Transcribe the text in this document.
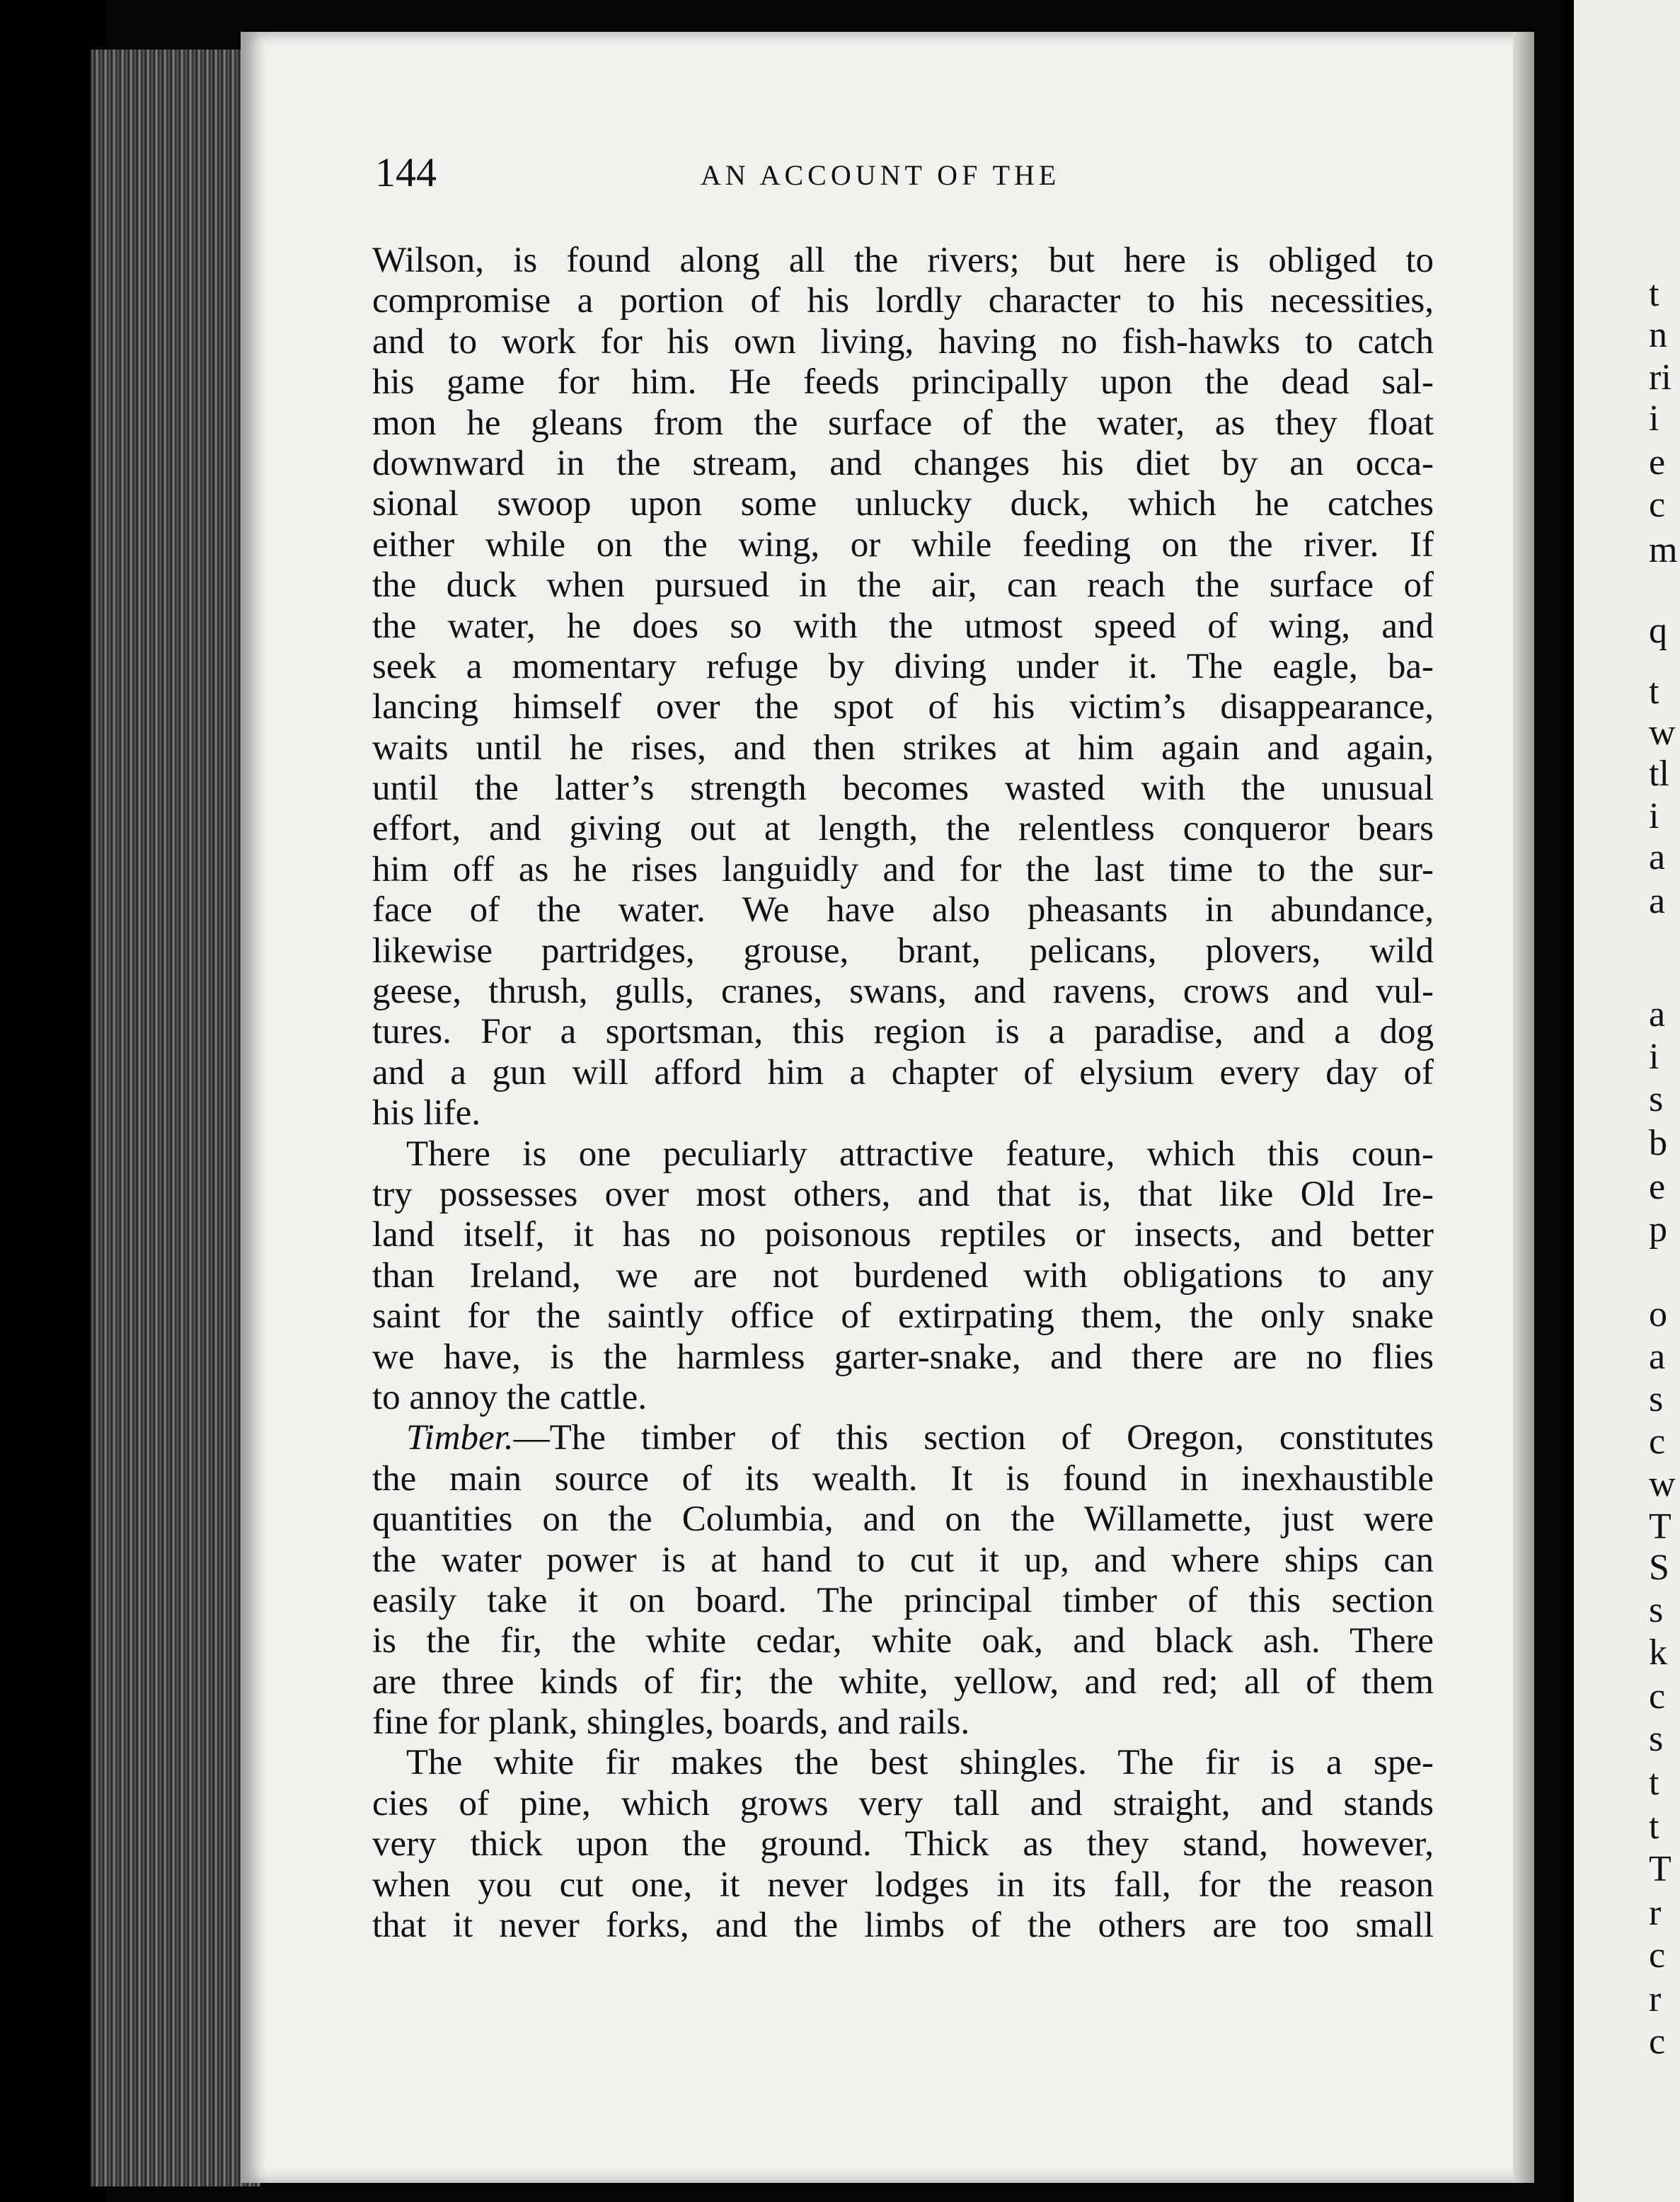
t
n
ri
i
e
c
m
q
t
w
tl
i
a
a
a
i
s
b
e
p
o
a
s
c
w
T
S
s
k
c
s
t
t
T
r
c
r
c
144	AN ACCOUNT OF THE
Wilson, is found along all the rivers; but here is obliged to
compromise a portion of his lordly character to his necessities,
and to work for his own living, having no fish-hawks to catch
his game for him. He feeds principally upon the dead sal-
mon he gleans from the surface of the water, as they float
downward in the stream, and changes his diet by an occa-
sional swoop upon some unlucky duck, which he catches
either while on the wing, or while feeding on the river. If
the duck when pursued in the air, can reach the surface of
the water, he does so with the utmost speed of wing, and
seek a momentary refuge by diving under it. The eagle, ba-
lancing himself over the spot of his victim’s disappearance,
waits until he rises, and then strikes at him again and again,
until the latter’s strength becomes wasted with the unusual
effort, and giving out at length, the relentless conqueror bears
him off as he rises languidly and for the last time to the sur-
face of the water. We have also pheasants in abundance,
likewise partridges, grouse, brant, pelicans, plovers, wild
geese, thrush, gulls, cranes, swans, and ravens, crows and vul-
tures. For a sportsman, this region is a paradise, and a dog
and a gun will afford him a chapter of elysium every day of
his life.
There is one peculiarly attractive feature, which this coun-
try possesses over most others, and that is, that like Old Ire-
land itself, it has no poisonous reptiles or insects, and better
than Ireland, we are not burdened with obligations to any
saint for the saintly office of extirpating them, the only snake
we have, is the harmless garter-snake, and there are no flies
to annoy the cattle.
Timber.—The timber of this section of Oregon, constitutes
the main source of its wealth. It is found in inexhaustible
quantities on the Columbia, and on the Willamette, just were
the water power is at hand to cut it up, and where ships can
easily take it on board. The principal timber of this section
is the fir, the white cedar, white oak, and black ash. There
are three kinds of fir; the white, yellow, and red; all of them
fine for plank, shingles, boards, and rails.
The white fir makes the best shingles. The fir is a spe-
cies of pine, which grows very tall and straight, and stands
very thick upon the ground. Thick as they stand, however,
when you cut one, it never lodges in its fall, for the reason
that it never forks, and the limbs of the others are too small
